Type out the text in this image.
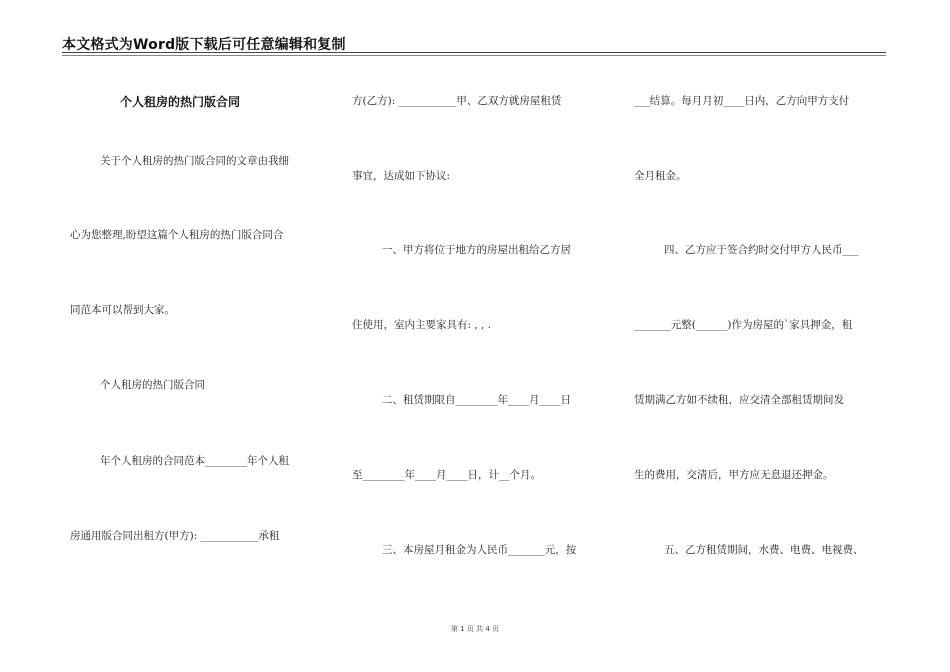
本文格式为Word版下载后可任意编辑和复制
个人租房的热门版合同
关于个人租房的热门版合同的文章由我细
心为您整理,盼望这篇个人租房的热门版合同合
同范本可以帮到大家。
个人租房的热门版合同
年个人租房的合同范本________年个人租
房通用版合同出租方(甲方): ___________承租
方(乙方): ___________甲、乙双方就房屋租赁
事宜，达成如下协议:
一、甲方将位于地方的房屋出租给乙方居
住使用，室内主要家具有: , , .
二、租赁期限自________年____月____日
至________年____月____日，计__个月。
三、本房屋月租金为人民币_______元，按
___结算。每月月初____日内，乙方向甲方支付
全月租金。
四、乙方应于签合约时交付甲方人民币___
_______元整(______)作为房屋的`家具押金，租
赁期满乙方如不续租，应交清全部租赁期间发
生的费用，交清后，甲方应无息退还押金。
五、乙方租赁期间，水费、电费、电视费、
第 1 页 共 4 页
